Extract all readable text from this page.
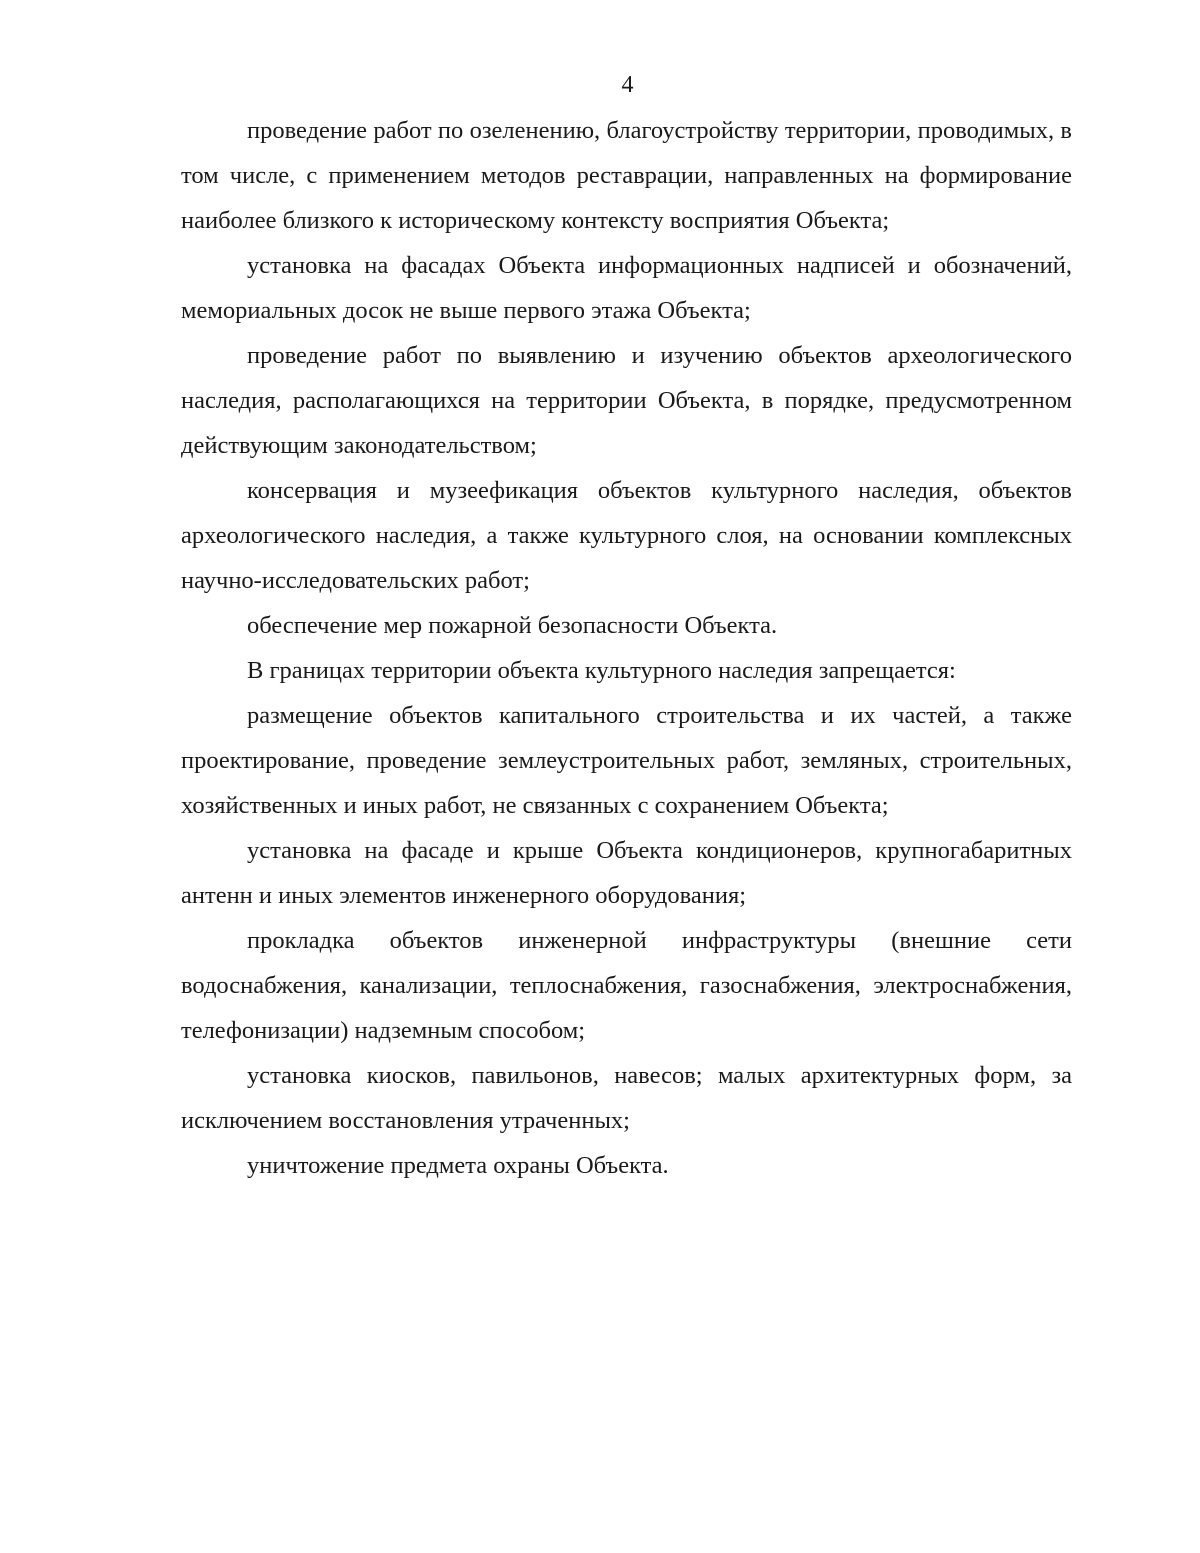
4

проведение работ по озеленению, благоустройству территории, проводимых, в том числе, с применением методов реставрации, направленных на формирование наиболее близкого к историческому контексту восприятия Объекта;

установка на фасадах Объекта информационных надписей и обозначений, мемориальных досок не выше первого этажа Объекта;

проведение работ по выявлению и изучению объектов археологического наследия, располагающихся на территории Объекта, в порядке, предусмотренном действующим законодательством;

консервация и музеефикация объектов культурного наследия, объектов археологического наследия, а также культурного слоя, на основании комплексных научно-исследовательских работ;

обеспечение мер пожарной безопасности Объекта.

В границах территории объекта культурного наследия запрещается:

размещение объектов капитального строительства и их частей, а также проектирование, проведение землеустроительных работ, земляных, строительных, хозяйственных и иных работ, не связанных с сохранением Объекта;

установка на фасаде и крыше Объекта кондиционеров, крупногабаритных антенн и иных элементов инженерного оборудования;

прокладка объектов инженерной инфраструктуры (внешние сети водоснабжения, канализации, теплоснабжения, газоснабжения, электроснабжения, телефонизации) надземным способом;

установка киосков, павильонов, навесов; малых архитектурных форм, за исключением восстановления утраченных;

уничтожение предмета охраны Объекта.
